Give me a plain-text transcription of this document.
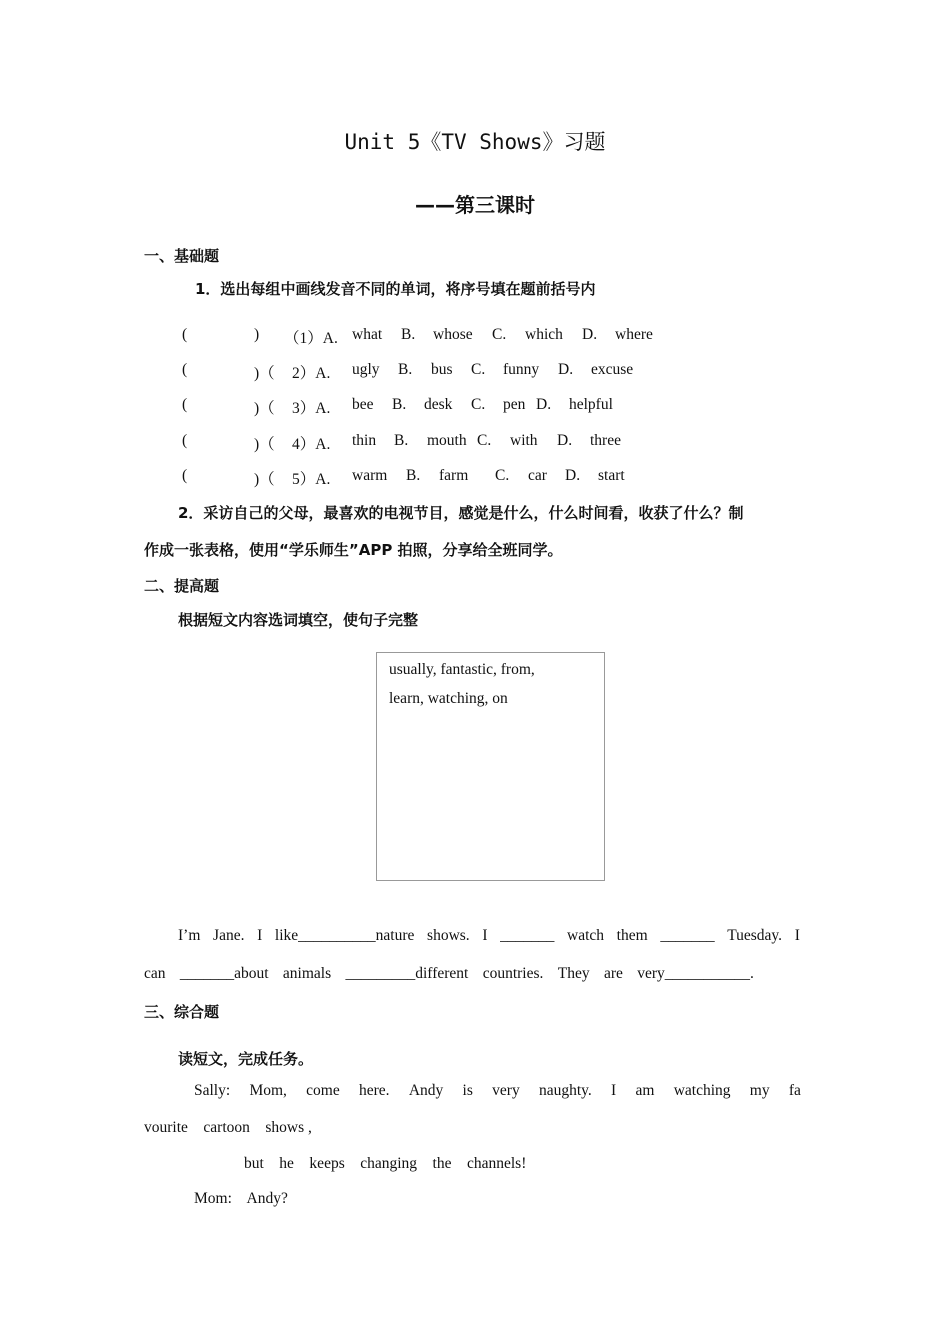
Unit 5《TV Shows》习题
——第三课时
一、基础题
1．选出每组中画线发音不同的单词，将序号填在题前括号内
(	) （1）A. what B. whose C. which D. where
(	)（ 2）A. ugly B. bus C. funny D. excuse
(	)（ 3）A. bee B. desk C. pen D. helpful
(	)（ 4）A. thin B. mouth C. with D. three
(	)（ 5）A. warm B. farm C. car D. start
2．采访自己的父母，最喜欢的电视节目，感觉是什么，什么时间看，收获了什么？制
作成一张表格，使用“学乐师生”APP 拍照，分享给全班同学。
二、提高题
根据短文内容选词填空，使句子完整
usually, fantastic, from,
learn, watching, on
I’m Jane. I like__________nature shows. I _______ watch them _______ Tuesday. I
can _______about animals _________different countries. They are very___________.
三、综合题
读短文，完成任务。
Sally: Mom, come here. Andy is very naughty. I am watching my fa
vourite    cartoon    shows ,
but    he    keeps    changing    the    channels!
Mom:    Andy?
